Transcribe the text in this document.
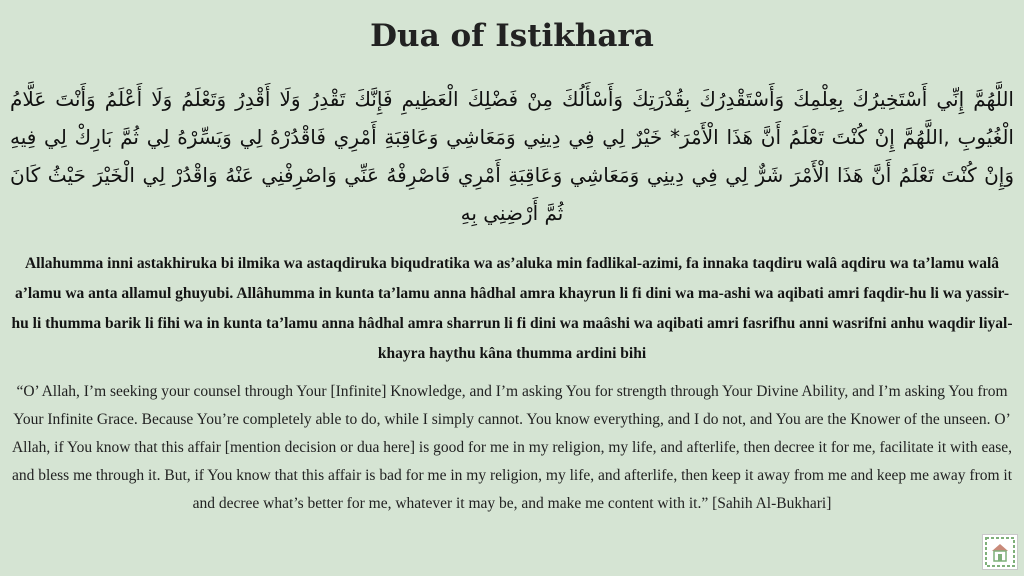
Dua of Istikhara

اللَّهُمَّ إِنِّي أَسْتَخِيرُكَ بِعِلْمِكَ وَأَسْتَقْدِرُكَ بِقُدْرَتِكَ وَأَسْأَلُكَ مِنْ فَضْلِكَ الْعَظِيمِ فَإِنَّكَ تَقْدِرُ وَلَا أَقْدِرُ وَتَعْلَمُ وَلَا أَعْلَمُ وَأَنْتَ عَلَّامُ الْغُيُوبِ ,اللَّهُمَّ إِنْ كُنْتَ تَعْلَمُ أَنَّ هَذَا الْأَمْرَ* خَيْرٌ لِي فِي دِينِي وَمَعَاشِي وَعَاقِبَةِ أَمْرِي فَاقْدُرْهُ لِي وَيَسِّرْهُ لِي ثُمَّ بَارِكْ لِي فِيهِ وَإِنْ كُنْتَ تَعْلَمُ أَنَّ هَذَا الْأَمْرَ شَرٌّ لِي فِي دِينِي وَمَعَاشِي وَعَاقِبَةِ أَمْرِي فَاصْرِفْهُ عَنِّي وَاصْرِفْنِي عَنْهُ وَاقْدُرْ لِي الْخَيْرَ حَيْثُ كَانَ ثُمَّ أَرْضِنِي بِهِ

Allahumma inni astakhiruka bi ilmika wa astaqdiruka biqudratika wa as’aluka min fadlikal-azimi, fa innaka taqdiru walâ aqdiru wa ta’lamu walâ a’lamu wa anta allamul ghuyubi. Allâhumma in kunta ta’lamu anna hâdhal amra khayrun li fi dini wa ma-ashi wa aqibati amri faqdir-hu li wa yassir-hu li thumma barik li fihi wa in kunta ta’lamu anna hâdhal amra sharrun li fi dini wa maâshi wa aqibati amri fasrifhu anni wasrifni anhu waqdir liyal-khayra haythu kâna thumma ardini bihi

“O’ Allah, I’m seeking your counsel through Your [Infinite] Knowledge, and I’m asking You for strength through Your Divine Ability, and I’m asking You from Your Infinite Grace. Because You’re completely able to do, while I simply cannot. You know everything, and I do not, and You are the Knower of the unseen. O’ Allah, if You know that this affair [mention decision or dua here] is good for me in my religion, my life, and afterlife, then decree it for me, facilitate it with ease, and bless me through it. But, if You know that this affair is bad for me in my religion, my life, and afterlife, then keep it away from me and keep me away from it and decree what’s better for me, whatever it may be, and make me content with it.” [Sahih Al-Bukhari]
